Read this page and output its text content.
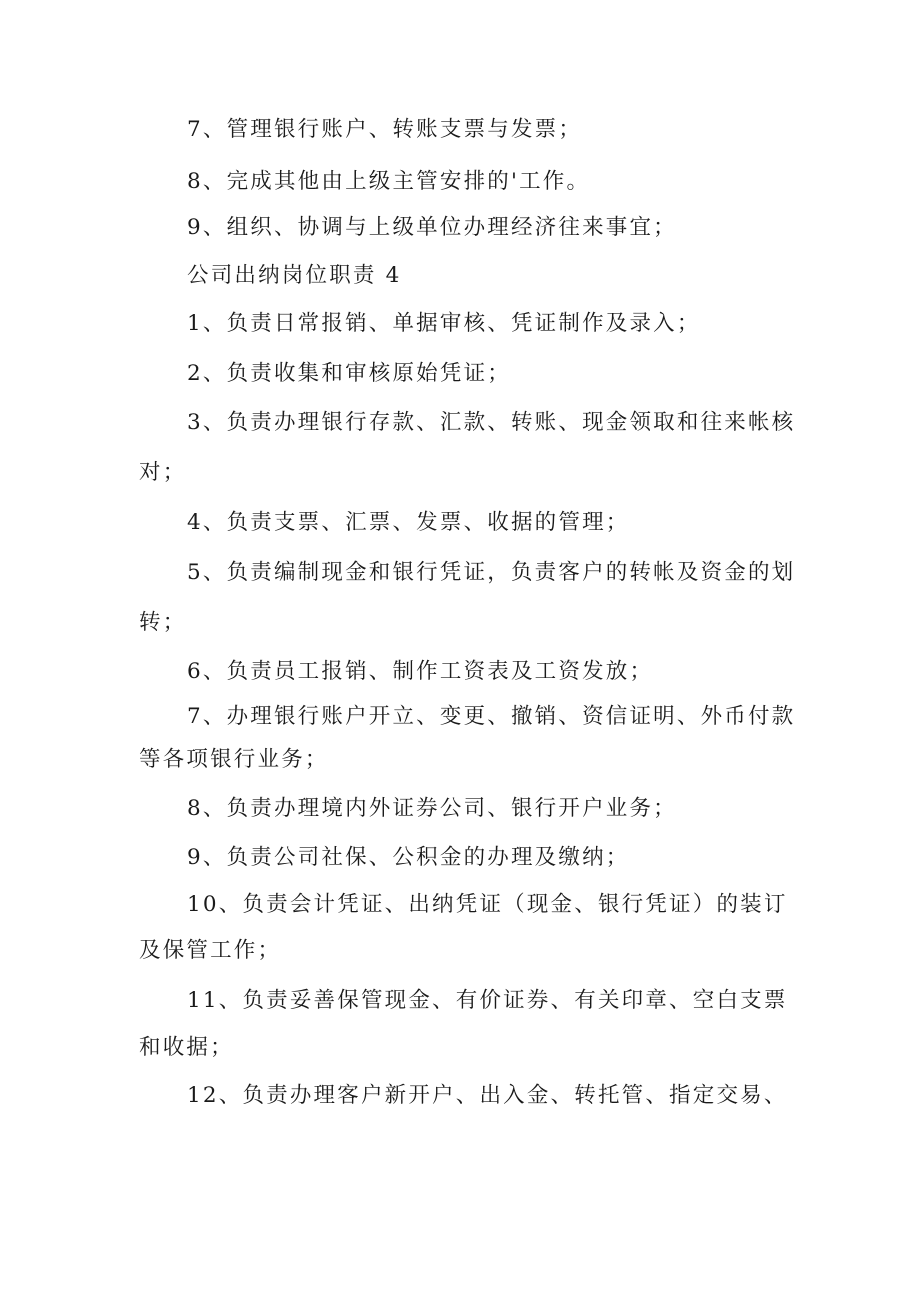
7、管理银行账户、转账支票与发票；
8、完成其他由上级主管安排的'工作。
9、组织、协调与上级单位办理经济往来事宜；
公司出纳岗位职责 4
1、负责日常报销、单据审核、凭证制作及录入；
2、负责收集和审核原始凭证；
3、负责办理银行存款、汇款、转账、现金领取和往来帐核
对；
4、负责支票、汇票、发票、收据的管理；
5、负责编制现金和银行凭证，负责客户的转帐及资金的划
转；
6、负责员工报销、制作工资表及工资发放；
7、办理银行账户开立、变更、撤销、资信证明、外币付款
等各项银行业务；
8、负责办理境内外证券公司、银行开户业务；
9、负责公司社保、公积金的办理及缴纳；
10、负责会计凭证、出纳凭证（现金、银行凭证）的装订
及保管工作；
11、负责妥善保管现金、有价证券、有关印章、空白支票
和收据；
12、负责办理客户新开户、出入金、转托管、指定交易、
